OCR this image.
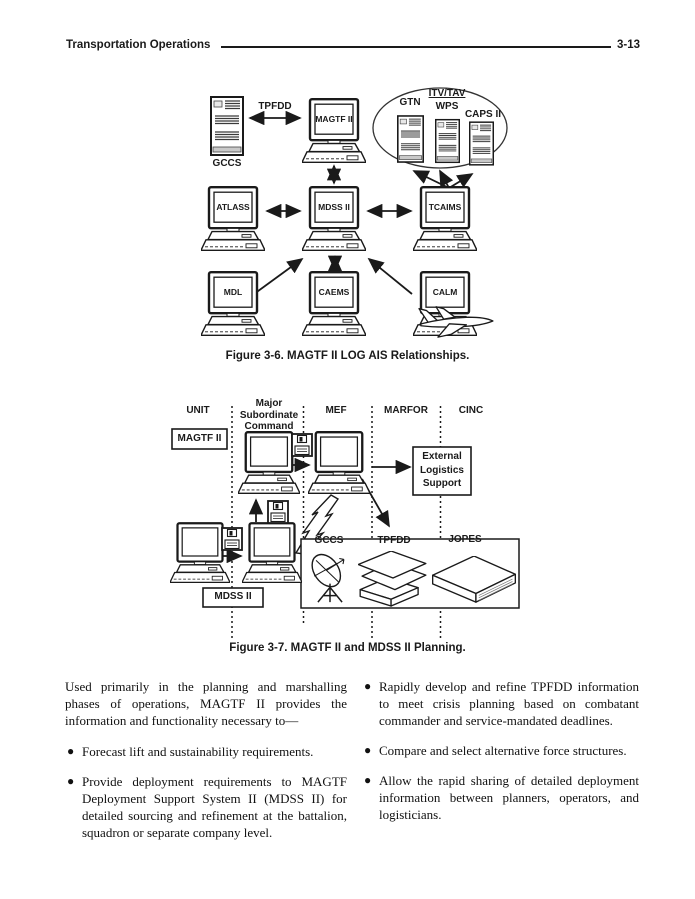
Transportation Operations	3-13
GCCS
TPFDD
MAGTF II
ATLASS	MDSS II	TCAIMS
MDL	CAEMS	CALM
GTN
ITV/TAV
WPS
CAPS II
Figure 3-6. MAGTF II LOG AIS Relationships.
UNIT
Major Subordinate Command
MEF	MARFOR	CINC
MAGTF II
External Logistics Support
MDSS II
GCCS	TPFDD	JOPES
Figure 3-7. MAGTF II and MDSS II Planning.

Used primarily in the planning and marshalling phases of operations, MAGTF II provides the information and functionality necessary to—

● Forecast lift and sustainability requirements.
● Provide deployment requirements to MAGTF Deployment Support System II (MDSS II) for detailed sourcing and refinement at the battalion, squadron or separate company level.
● Rapidly develop and refine TPFDD information to meet crisis planning based on combatant commander and service-mandated deadlines.
● Compare and select alternative force structures.
● Allow the rapid sharing of detailed deployment information between planners, operators, and logisticians.
